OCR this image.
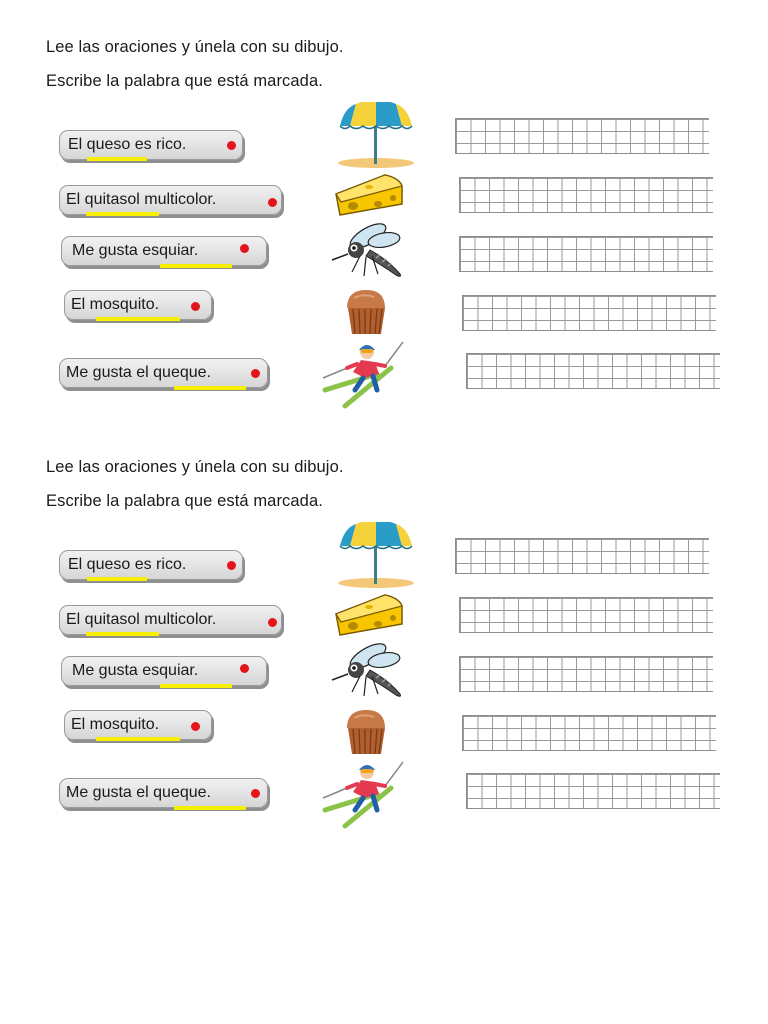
Lee las oraciones y únela con su dibujo.
Escribe la palabra que está marcada.
El queso es rico.
El quitasol multicolor.
Me gusta esquiar.
El mosquito.
Me gusta el queque.
Lee las oraciones y únela con su dibujo.
Escribe la palabra que está marcada.
El queso es rico.
El quitasol multicolor.
Me gusta esquiar.
El mosquito.
Me gusta el queque.
